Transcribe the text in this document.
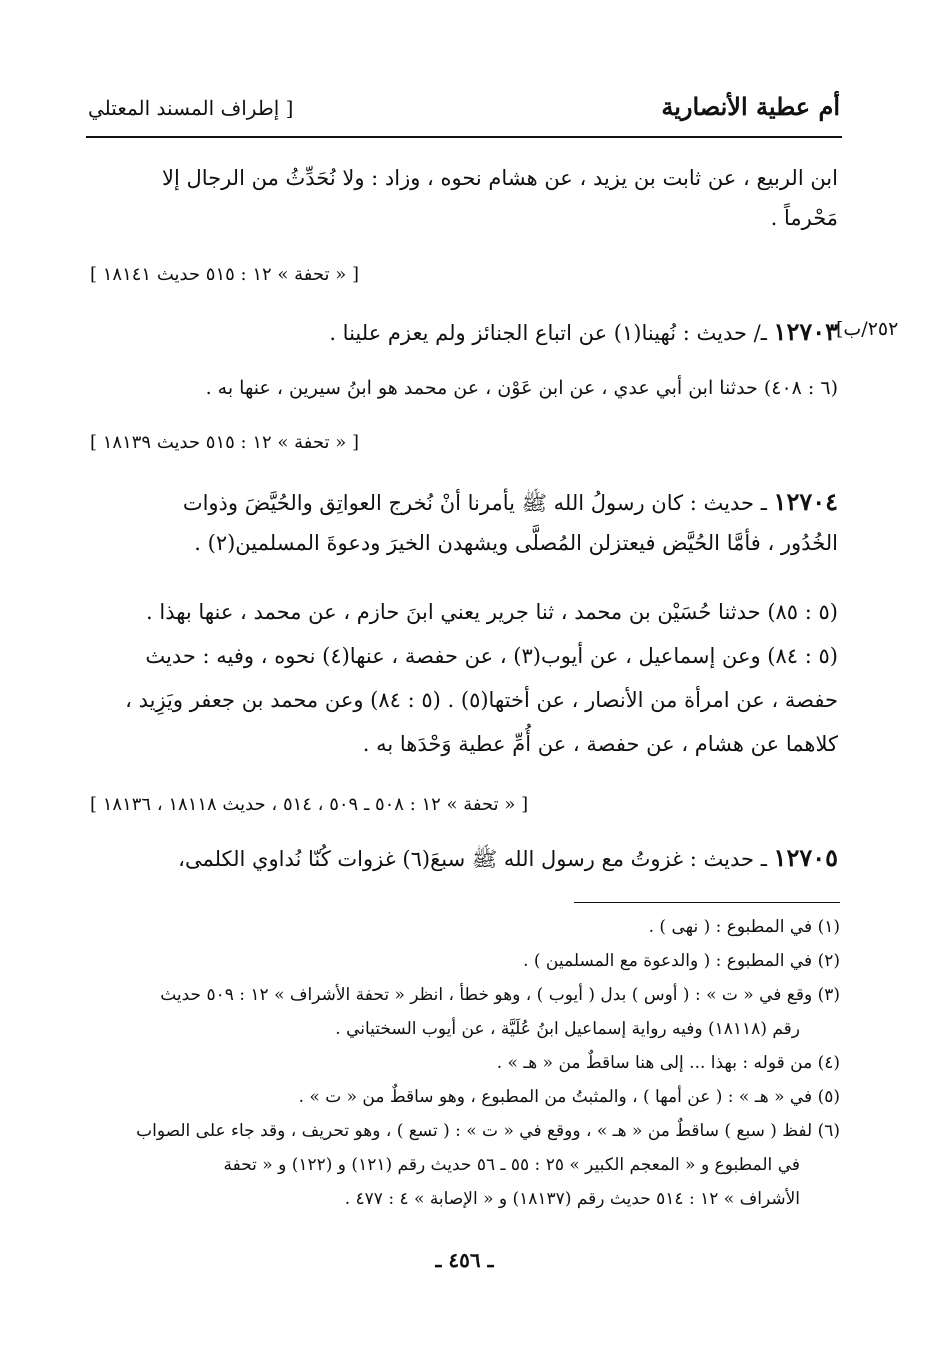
أم عطية الأنصارية
[ إطراف المسند المعتلي
ابن الربيع ، عن ثابت بن يزيد ، عن هشام نحوه ، وزاد : ولا نُحَدِّثُ من الرجال إلا
مَحْرماً .
[ « تحفة » ١٢ : ٥١٥ حديث ١٨١٤١ ]
٢٥٢/ب]
١٢٧٠٣ ـ/ حديث : نُهينا(١) عن اتباع الجنائز ولم يعزم علينا .
(٦ : ٤٠٨) حدثنا ابن أبي عدي ، عن ابن عَوْن ، عن محمد هو ابنُ سيرين ، عنها به .
[ « تحفة » ١٢ : ٥١٥ حديث ١٨١٣٩ ]
١٢٧٠٤ ـ حديث : كان رسولُ الله ﷺ يأمرنا أنْ نُخرج العواتِق والحُيَّضَ وذوات
الخُدُور ، فأمَّا الحُيَّض فيعتزلن المُصلَّى ويشهدن الخيرَ ودعوةَ المسلمين(٢) .
(٥ : ٨٥) حدثنا حُسَيْن بن محمد ، ثنا جرير يعني ابنَ حازم ، عن محمد ، عنها بهذا .
(٥ : ٨٤) وعن إسماعيل ، عن أيوب(٣) ، عن حفصة ، عنها(٤) نحوه ، وفيه : حديث
حفصة ، عن امرأة من الأنصار ، عن أختها(٥) . (٥ : ٨٤) وعن محمد بن جعفر ويَزِيد ،
كلاهما عن هشام ، عن حفصة ، عن أُمِّ عطية وَحْدَها به .
[ « تحفة » ١٢ : ٥٠٨ ـ ٥٠٩ ، ٥١٤ ، حديث ١٨١١٨ ، ١٨١٣٦ ]
١٢٧٠٥ ـ حديث : غزوتُ مع رسول الله ﷺ سبعَ(٦) غزوات كُنّا نُداوي الكلمى،
(١) في المطبوع : ( نهى ) .
(٢) في المطبوع : ( والدعوة مع المسلمين ) .
(٣) وقع في « ت » : ( أوس ) بدل ( أيوب ) ، وهو خطأ ، انظر « تحفة الأشراف » ١٢ : ٥٠٩ حديث
رقم (١٨١١٨) وفيه رواية إسماعيل ابنُ عُلَيَّة ، عن أيوب السختياني .
(٤) من قوله : بهذا ... إلى هنا ساقطٌ من « هـ » .
(٥) في « هـ » : ( عن أمها ) ، والمثبتُ من المطبوع ، وهو ساقطٌ من « ت » .
(٦) لفظ ( سبع ) ساقطٌ من « هـ » ، ووقع في « ت » : ( تسع ) ، وهو تحريف ، وقد جاء على الصواب
في المطبوع و « المعجم الكبير » ٢٥ : ٥٥ ـ ٥٦ حديث رقم (١٢١) و (١٢٢) و « تحفة
الأشراف » ١٢ : ٥١٤ حديث رقم (١٨١٣٧) و « الإصابة » ٤ : ٤٧٧ .
ـ ٤٥٦ ـ
